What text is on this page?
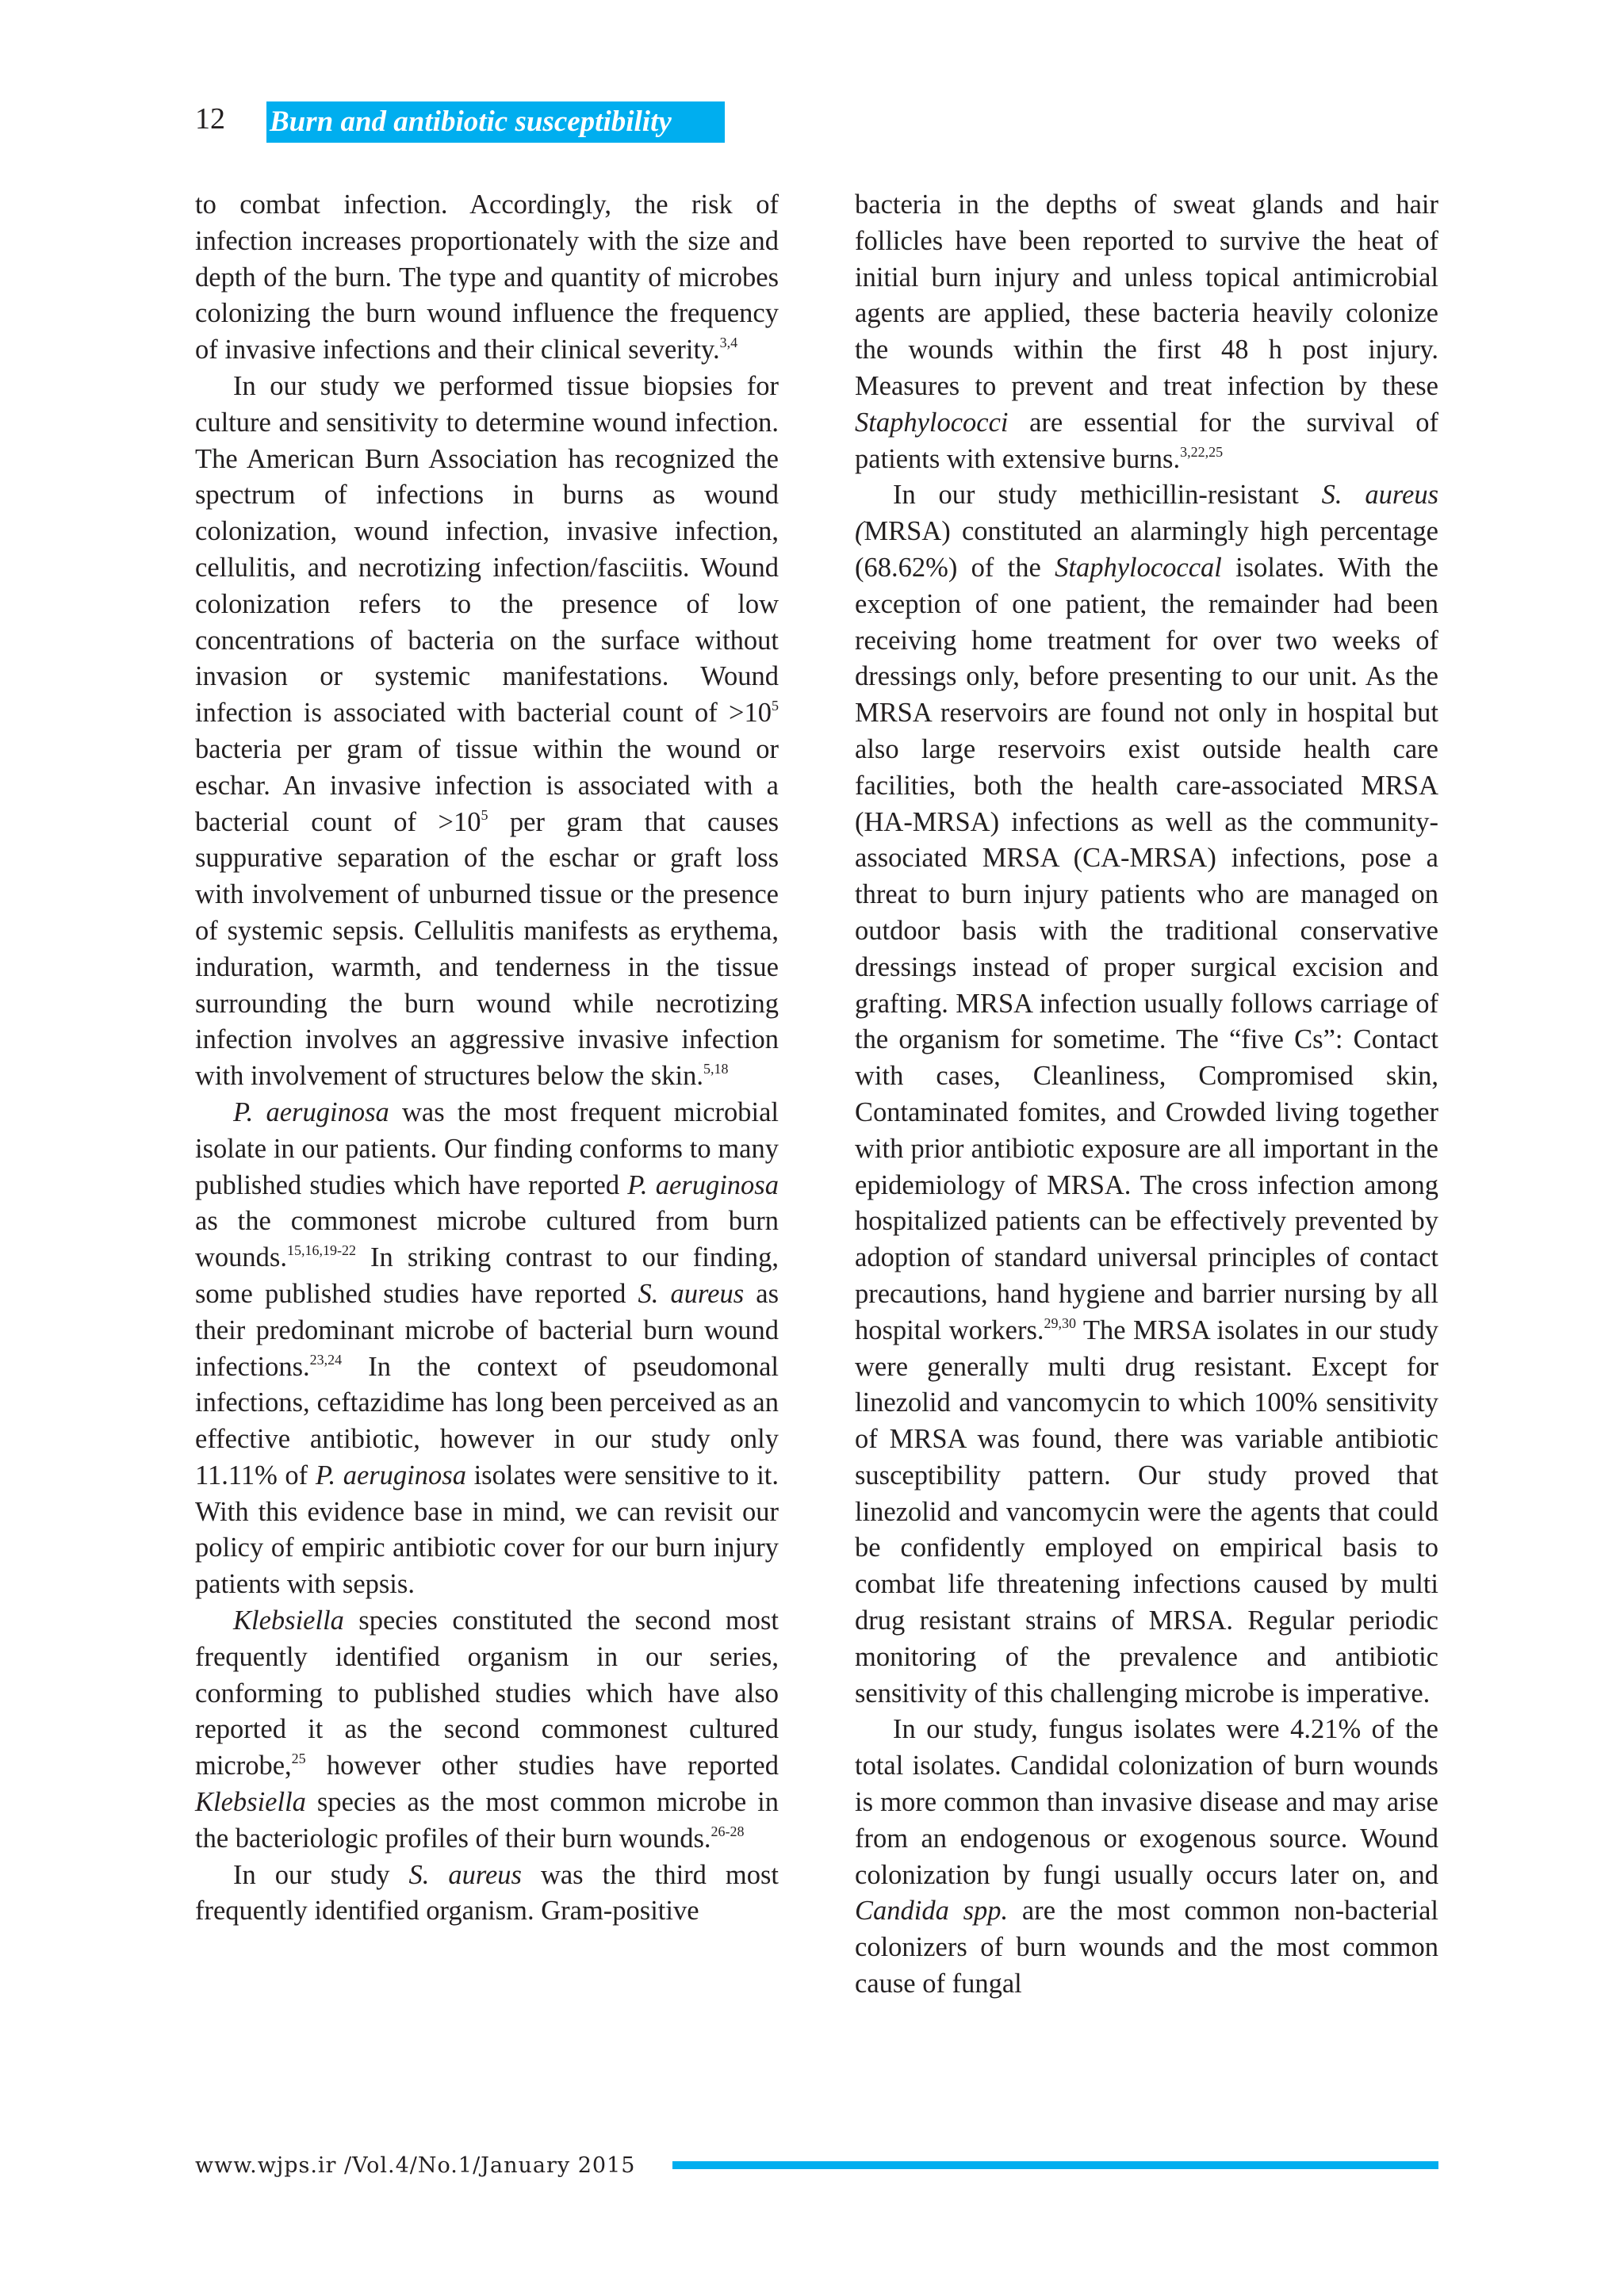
12 Burn and antibiotic susceptibility

to combat infection. Accordingly, the risk of infection increases proportionately with the size and depth of the burn. The type and quantity of microbes colonizing the burn wound influence the frequency of invasive infections and their clinical severity.$^{3,4}$

In our study we performed tissue biopsies for culture and sensitivity to determine wound infection. The American Burn Association has recognized the spectrum of infections in burns as wound colonization, wound infection, invasive infection, cellulitis, and necrotizing infection/fasciitis. Wound colonization refers to the presence of low concentrations of bacteria on the surface without invasion or systemic manifestations. Wound infection is associated with bacterial count of $>10^5$ bacteria per gram of tissue within the wound or eschar. An invasive infection is associated with a bacterial count of $>10^5$ per gram that causes suppurative separation of the eschar or graft loss with involvement of unburned tissue or the presence of systemic sepsis. Cellulitis manifests as erythema, induration, warmth, and tenderness in the tissue surrounding the burn wound while necrotizing infection involves an aggressive invasive infection with involvement of structures below the skin.$^{5,18}$

P. aeruginosa was the most frequent microbial isolate in our patients. Our finding conforms to many published studies which have reported P. aeruginosa as the commonest microbe cultured from burn wounds.$^{15,16,19-22}$ In striking contrast to our finding, some published studies have reported S. aureus as their predominant microbe of bacterial burn wound infections.$^{23,24}$ In the context of pseudomonal infections, ceftazidime has long been perceived as an effective antibiotic, however in our study only 11.11% of P. aeruginosa isolates were sensitive to it. With this evidence base in mind, we can revisit our policy of empiric antibiotic cover for our burn injury patients with sepsis.

Klebsiella species constituted the second most frequently identified organism in our series, conforming to published studies which have also reported it as the second commonest cultured microbe,$^{25}$ however other studies have reported Klebsiella species as the most common microbe in the bacteriologic profiles of their burn wounds.$^{26-28}$

In our study S. aureus was the third most frequently identified organism. Gram-positive

bacteria in the depths of sweat glands and hair follicles have been reported to survive the heat of initial burn injury and unless topical antimicrobial agents are applied, these bacteria heavily colonize the wounds within the first 48 h post injury. Measures to prevent and treat infection by these Staphylococci are essential for the survival of patients with extensive burns.$^{3,22,25}$

In our study methicillin-resistant S. aureus (MRSA) constituted an alarmingly high percentage (68.62%) of the Staphylococcal isolates. With the exception of one patient, the remainder had been receiving home treatment for over two weeks of dressings only, before presenting to our unit. As the MRSA reservoirs are found not only in hospital but also large reservoirs exist outside health care facilities, both the health care-associated MRSA (HA-MRSA) infections as well as the community-associated MRSA (CA-MRSA) infections, pose a threat to burn injury patients who are managed on outdoor basis with the traditional conservative dressings instead of proper surgical excision and grafting. MRSA infection usually follows carriage of the organism for sometime. The “five Cs”: Contact with cases, Cleanliness, Compromised skin, Contaminated fomites, and Crowded living together with prior antibiotic exposure are all important in the epidemiology of MRSA. The cross infection among hospitalized patients can be effectively prevented by adoption of standard universal principles of contact precautions, hand hygiene and barrier nursing by all hospital workers.$^{29,30}$ The MRSA isolates in our study were generally multi drug resistant. Except for linezolid and vancomycin to which 100% sensitivity of MRSA was found, there was variable antibiotic susceptibility pattern. Our study proved that linezolid and vancomycin were the agents that could be confidently employed on empirical basis to combat life threatening infections caused by multi drug resistant strains of MRSA. Regular periodic monitoring of the prevalence and antibiotic sensitivity of this challenging microbe is imperative.

In our study, fungus isolates were 4.21% of the total isolates. Candidal colonization of burn wounds is more common than invasive disease and may arise from an endogenous or exogenous source. Wound colonization by fungi usually occurs later on, and Candida spp. are the most common non-bacterial colonizers of burn wounds and the most common cause of fungal

www.wjps.ir /Vol.4/No.1/January 2015
